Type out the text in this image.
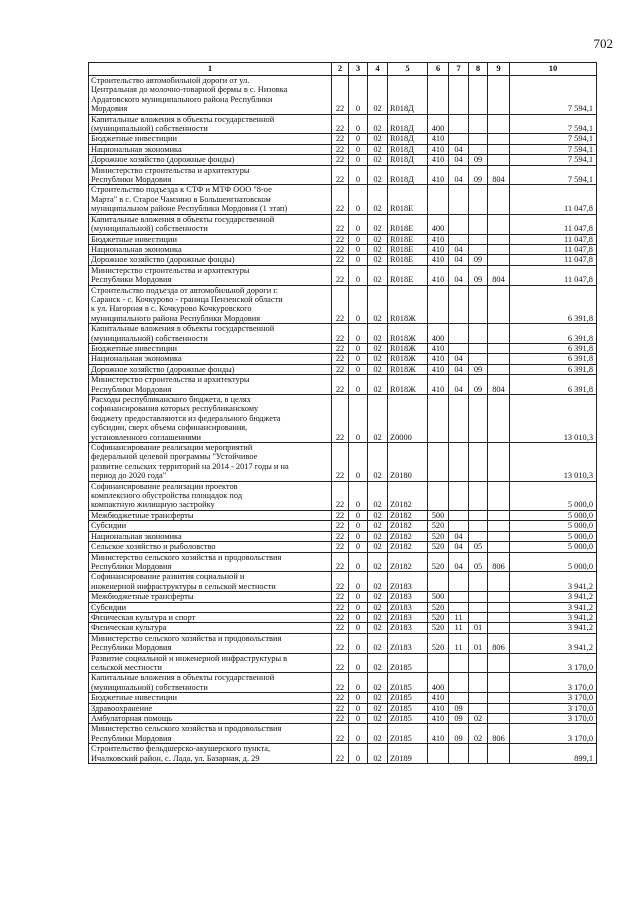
702
1	2	3	4	5	6	7	8	9	10
Строительство автомобильной дороги от ул.
Центральная до молочно-товарной фермы в с. Низовка
Ардатовского муниципального района Республики
Мордовия	22	0	02	R018Д					7 594,1
Капитальные вложения в объекты государственной
(муниципальной) собственности	22	0	02	R018Д	400				7 594,1
Бюджетные инвестиции	22	0	02	R018Д	410				7 594,1
Национальная экономика	22	0	02	R018Д	410	04			7 594,1
Дорожное хозяйство (дорожные фонды)	22	0	02	R018Д	410	04	09		7 594,1
Министерство строительства и архитектуры
Республики Мордовия	22	0	02	R018Д	410	04	09	804	7 594,1
Строительство подъезда к СТФ и МТФ ООО "8-ое
Марта" в с. Старое Чамзино в Большеигнатовском
муниципальном районе Республики Мордовия (1 этап)	22	0	02	R018E					11 047,8
Капитальные вложения в объекты государственной
(муниципальной) собственности	22	0	02	R018E	400				11 047,8
Бюджетные инвестиции	22	0	02	R018E	410				11 047,8
Национальная экономика	22	0	02	R018E	410	04			11 047,8
Дорожное хозяйство (дорожные фонды)	22	0	02	R018E	410	04	09		11 047,8
Министерство строительства и архитектуры
Республики Мордовия	22	0	02	R018E	410	04	09	804	11 047,8
Строительство подъезда от автомобильной дороги г.
Саранск - с. Кочкурово - граница Пензенской области
к ул. Нагорная в с. Кочкурово Кочкуровского
муниципального района Республики Мордовия	22	0	02	R018Ж					6 391,8
Капитальные вложения в объекты государственной
(муниципальной) собственности	22	0	02	R018Ж	400				6 391,8
Бюджетные инвестиции	22	0	02	R018Ж	410				6 391,8
Национальная экономика	22	0	02	R018Ж	410	04			6 391,8
Дорожное хозяйство (дорожные фонды)	22	0	02	R018Ж	410	04	09		6 391,8
Министерство строительства и архитектуры
Республики Мордовия	22	0	02	R018Ж	410	04	09	804	6 391,8
Расходы республиканского бюджета, в целях
софинансирования которых республиканскому
бюджету предоставляются из федерального бюджета
субсидии, сверх объема софинансирования,
установленного соглашениями	22	0	02	Z0000					13 010,3
Софинансирование реализации мероприятий
федеральной целевой программы "Устойчивое
развитие сельских территорий на 2014 - 2017 годы и на
период до 2020 года"	22	0	02	Z0180					13 010,3
Софинансирование реализации проектов
комплексного обустройства площадок под
компактную жилищную застройку	22	0	02	Z0182					5 000,0
Межбюджетные трансферты	22	0	02	Z0182	500				5 000,0
Субсидии	22	0	02	Z0182	520				5 000,0
Национальная экономика	22	0	02	Z0182	520	04			5 000,0
Сельское хозяйство и рыболовство	22	0	02	Z0182	520	04	05		5 000,0
Министерство сельского хозяйства и продовольствия
Республики Мордовия	22	0	02	Z0182	520	04	05	806	5 000,0
Софинансирование развития социальной и
инженерной инфраструктуры в сельской местности	22	0	02	Z0183					3 941,2
Межбюджетные трансферты	22	0	02	Z0183	500				3 941,2
Субсидии	22	0	02	Z0183	520				3 941,2
Физическая культура и спорт	22	0	02	Z0183	520	11			3 941,2
Физическая культура	22	0	02	Z0183	520	11	01		3 941,2
Министерство сельского хозяйства и продовольствия
Республики Мордовия	22	0	02	Z0183	520	11	01	806	3 941,2
Развитие социальной и инженерной инфраструктуры в
сельской местности	22	0	02	Z0185					3 170,0
Капитальные вложения в объекты государственной
(муниципальной) собственности	22	0	02	Z0185	400				3 170,0
Бюджетные инвестиции	22	0	02	Z0185	410				3 170,0
Здравоохранение	22	0	02	Z0185	410	09			3 170,0
Амбулаторная помощь	22	0	02	Z0185	410	09	02		3 170,0
Министерство сельского хозяйства и продовольствия
Республики Мордовия	22	0	02	Z0185	410	09	02	806	3 170,0
Строительство фельдшерско-акушерского пункта,
Ичалковский район, с. Лада, ул. Базарная, д. 29	22	0	02	Z0189					899,1
